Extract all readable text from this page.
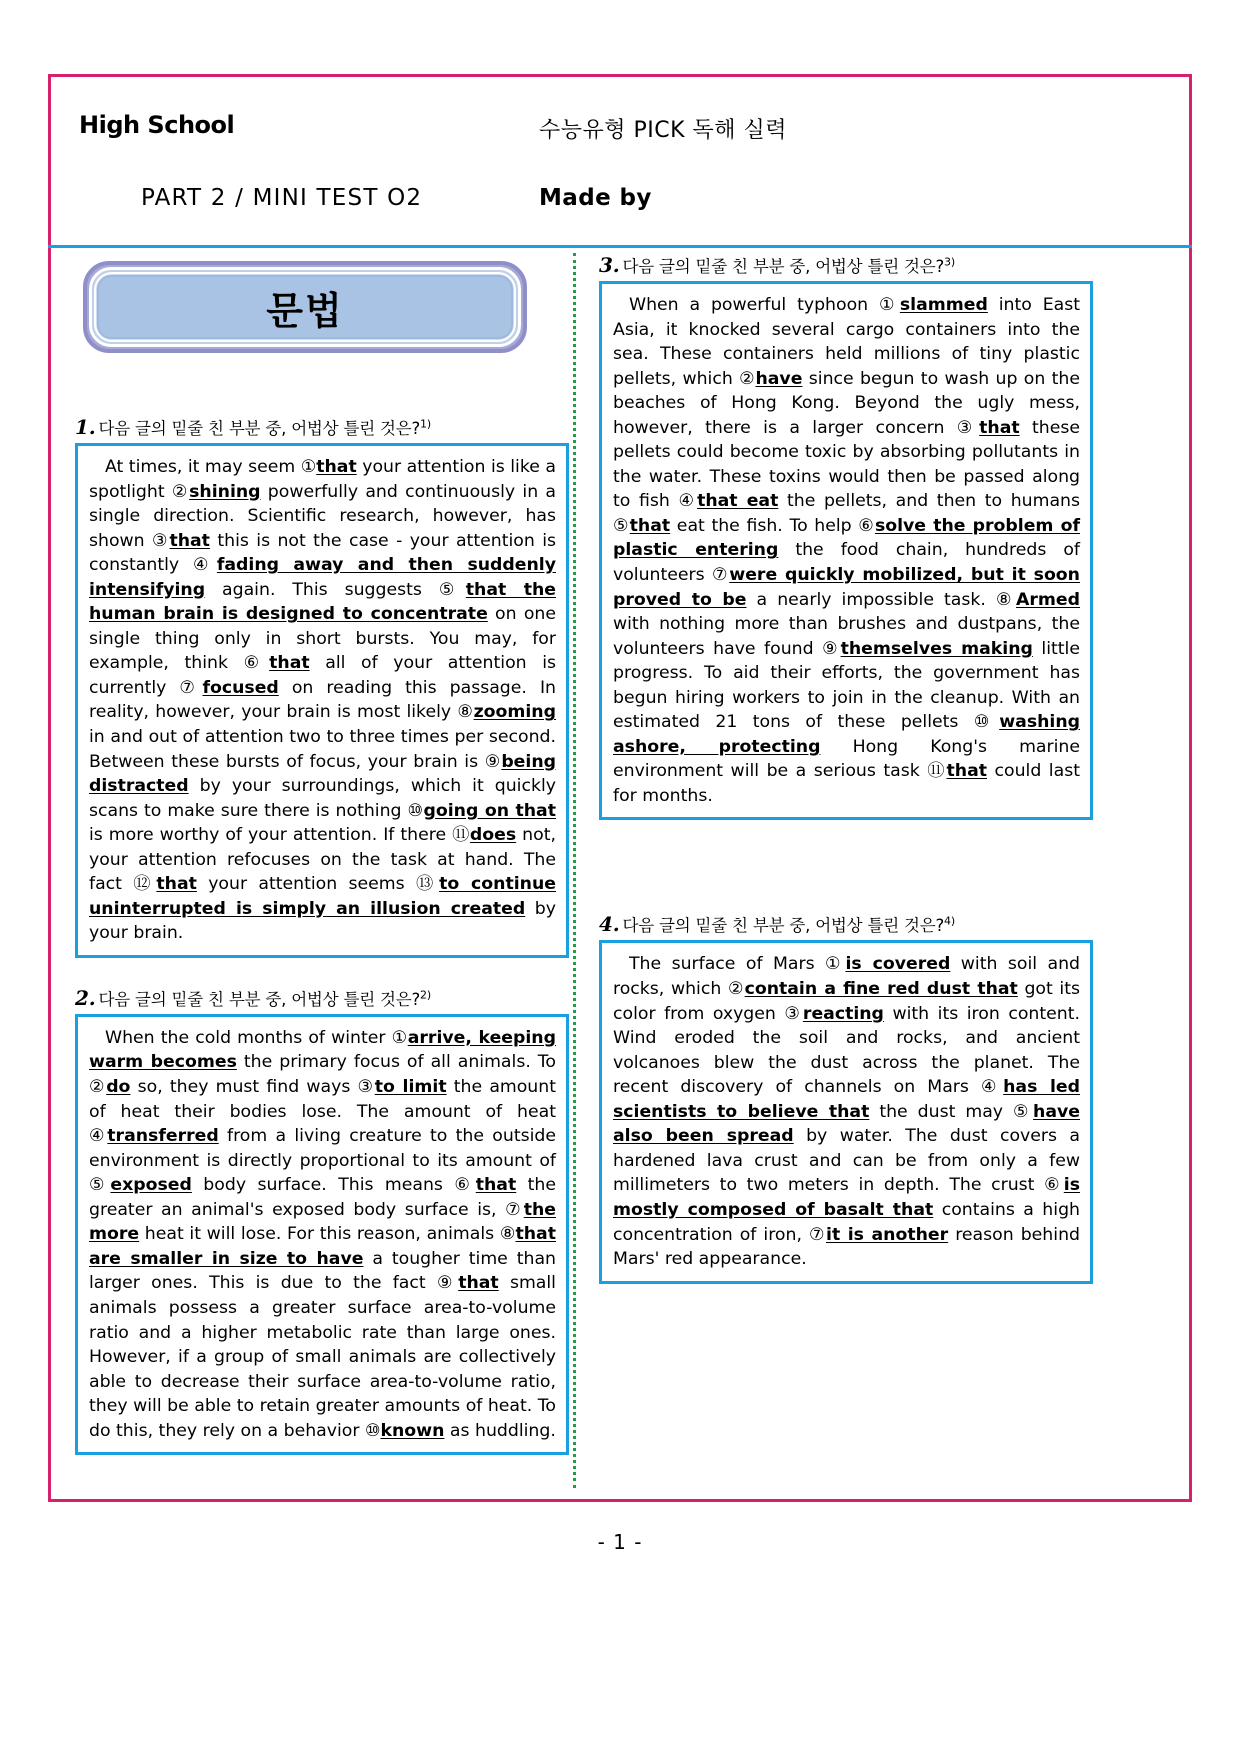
High School	수능유형 PICK 독해 실력
PART 2 / MINI TEST O2	Made by
문법
1. 다음 글의 밑줄 친 부분 중, 어법상 틀린 것은?$^{1)}$
At times, it may seem ①that your attention is like a spotlight ②shining powerfully and continuously in a single direction. Scientific research, however, has shown ③that this is not the case - your attention is constantly ④fading away and then suddenly intensifying again. This suggests ⑤that the human brain is designed to concentrate on one single thing only in short bursts. You may, for example, think ⑥that all of your attention is currently ⑦focused on reading this passage. In reality, however, your brain is most likely ⑧zooming in and out of attention two to three times per second. Between these bursts of focus, your brain is ⑨being distracted by your surroundings, which it quickly scans to make sure there is nothing ⑩going on that is more worthy of your attention. If there ⑪does not, your attention refocuses on the task at hand. The fact ⑫that your attention seems ⑬to continue uninterrupted is simply an illusion created by your brain.
2. 다음 글의 밑줄 친 부분 중, 어법상 틀린 것은?$^{2)}$
When the cold months of winter ①arrive, keeping warm becomes the primary focus of all animals. To ②do so, they must find ways ③to limit the amount of heat their bodies lose. The amount of heat ④transferred from a living creature to the outside environment is directly proportional to its amount of ⑤exposed body surface. This means ⑥that the greater an animal's exposed body surface is, ⑦the more heat it will lose. For this reason, animals ⑧that are smaller in size to have a tougher time than larger ones. This is due to the fact ⑨that small animals possess a greater surface area-to-volume ratio and a higher metabolic rate than large ones. However, if a group of small animals are collectively able to decrease their surface area-to-volume ratio, they will be able to retain greater amounts of heat. To do this, they rely on a behavior ⑩known as huddling.
3. 다음 글의 밑줄 친 부분 중, 어법상 틀린 것은?$^{3)}$
When a powerful typhoon ①slammed into East Asia, it knocked several cargo containers into the sea. These containers held millions of tiny plastic pellets, which ②have since begun to wash up on the beaches of Hong Kong. Beyond the ugly mess, however, there is a larger concern ③that these pellets could become toxic by absorbing pollutants in the water. These toxins would then be passed along to fish ④that eat the pellets, and then to humans ⑤that eat the fish. To help ⑥solve the problem of plastic entering the food chain, hundreds of volunteers ⑦were quickly mobilized, but it soon proved to be a nearly impossible task. ⑧Armed with nothing more than brushes and dustpans, the volunteers have found ⑨themselves making little progress. To aid their efforts, the government has begun hiring workers to join in the cleanup. With an estimated 21 tons of these pellets ⑩washing ashore, protecting Hong Kong's marine environment will be a serious task ⑪that could last for months.
4. 다음 글의 밑줄 친 부분 중, 어법상 틀린 것은?$^{4)}$
The surface of Mars ①is covered with soil and rocks, which ②contain a fine red dust that got its color from oxygen ③reacting with its iron content. Wind eroded the soil and rocks, and ancient volcanoes blew the dust across the planet. The recent discovery of channels on Mars ④has led scientists to believe that the dust may ⑤have also been spread by water. The dust covers a hardened lava crust and can be from only a few millimeters to two meters in depth. The crust ⑥is mostly composed of basalt that contains a high concentration of iron, ⑦it is another reason behind Mars' red appearance.
- 1 -
